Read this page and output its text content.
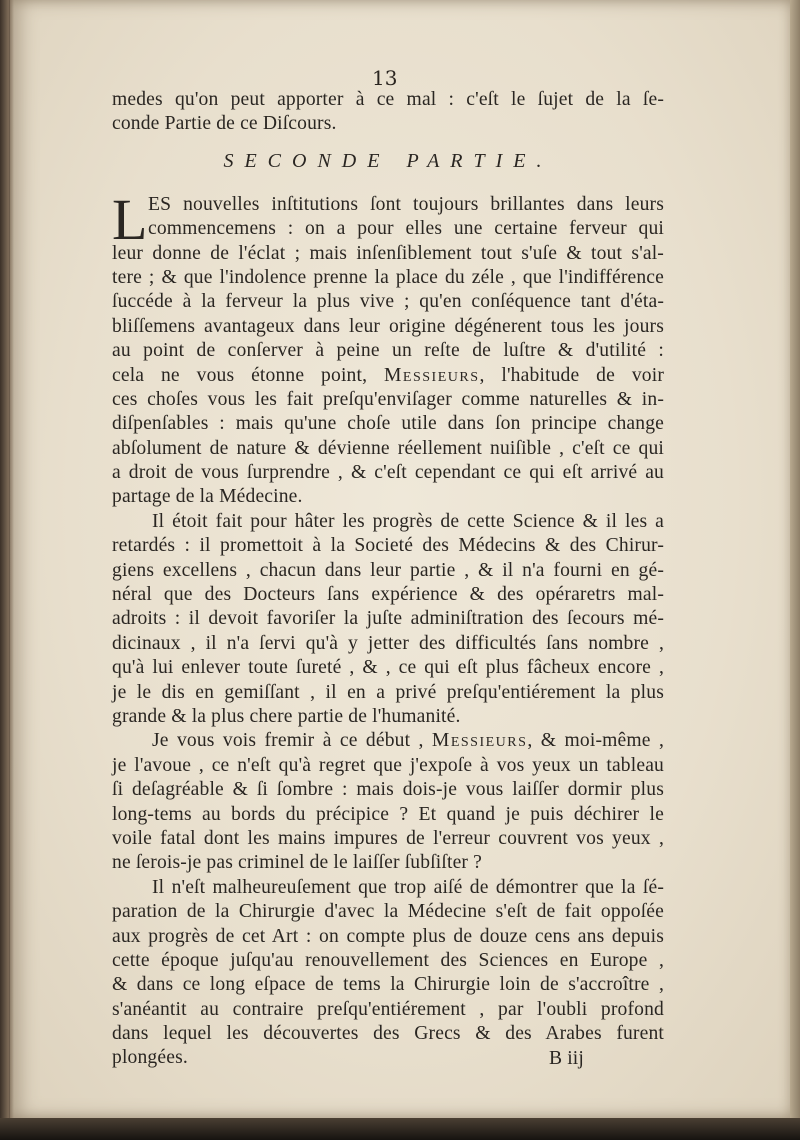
13
medes qu'on peut apporter à ce mal : c'eſt le ſujet de la ſe-
conde Partie de ce Diſcours.
SECONDE PARTIE.
L ES nouvelles inſtitutions ſont toujours brillantes dans leurs
commencemens : on a pour elles une certaine ferveur qui
leur donne de l'éclat ; mais inſenſiblement tout s'uſe & tout s'al-
tere ; & que l'indolence prenne la place du zéle , que l'indifférence
ſuccéde à la ferveur la plus vive ; qu'en conſéquence tant d'éta-
bliſſemens avantageux dans leur origine dégénerent tous les jours
au point de conſerver à peine un reſte de luſtre & d'utilité :
cela ne vous étonne point, Messieurs, l'habitude de voir
ces choſes vous les fait preſqu'enviſager comme naturelles & in-
diſpenſables : mais qu'une choſe utile dans ſon principe change
abſolument de nature & dévienne réellement nuiſible , c'eſt ce qui
a droit de vous ſurprendre , & c'eſt cependant ce qui eſt arrivé au
partage de la Médecine.
Il étoit fait pour hâter les progrès de cette Science & il les a
retardés : il promettoit à la Societé des Médecins & des Chirur-
giens excellens , chacun dans leur partie , & il n'a fourni en gé-
néral que des Docteurs ſans expérience & des opéraretrs mal-
adroits : il devoit favoriſer la juſte adminiſtration des ſecours mé-
dicinaux , il n'a ſervi qu'à y jetter des difficultés ſans nombre ,
qu'à lui enlever toute ſureté , & , ce qui eſt plus fâcheux encore ,
je le dis en gemiſſant , il en a privé preſqu'entiérement la plus
grande & la plus chere partie de l'humanité.
Je vous vois fremir à ce début , Messieurs, & moi-même ,
je l'avoue , ce n'eſt qu'à regret que j'expoſe à vos yeux un tableau
ſi deſagréable & ſi ſombre : mais dois-je vous laiſſer dormir plus
long-tems au bords du précipice ? Et quand je puis déchirer le
voile fatal dont les mains impures de l'erreur couvrent vos yeux ,
ne ſerois-je pas criminel de le laiſſer ſubſiſter ?
Il n'eſt malheureuſement que trop aiſé de démontrer que la ſé-
paration de la Chirurgie d'avec la Médecine s'eſt de fait oppoſée
aux progrès de cet Art : on compte plus de douze cens ans depuis
cette époque juſqu'au renouvellement des Sciences en Europe ,
& dans ce long eſpace de tems la Chirurgie loin de s'accroître ,
s'anéantit au contraire preſqu'entiérement , par l'oubli profond
dans lequel les découvertes des Grecs & des Arabes furent
plongées.	B iij
